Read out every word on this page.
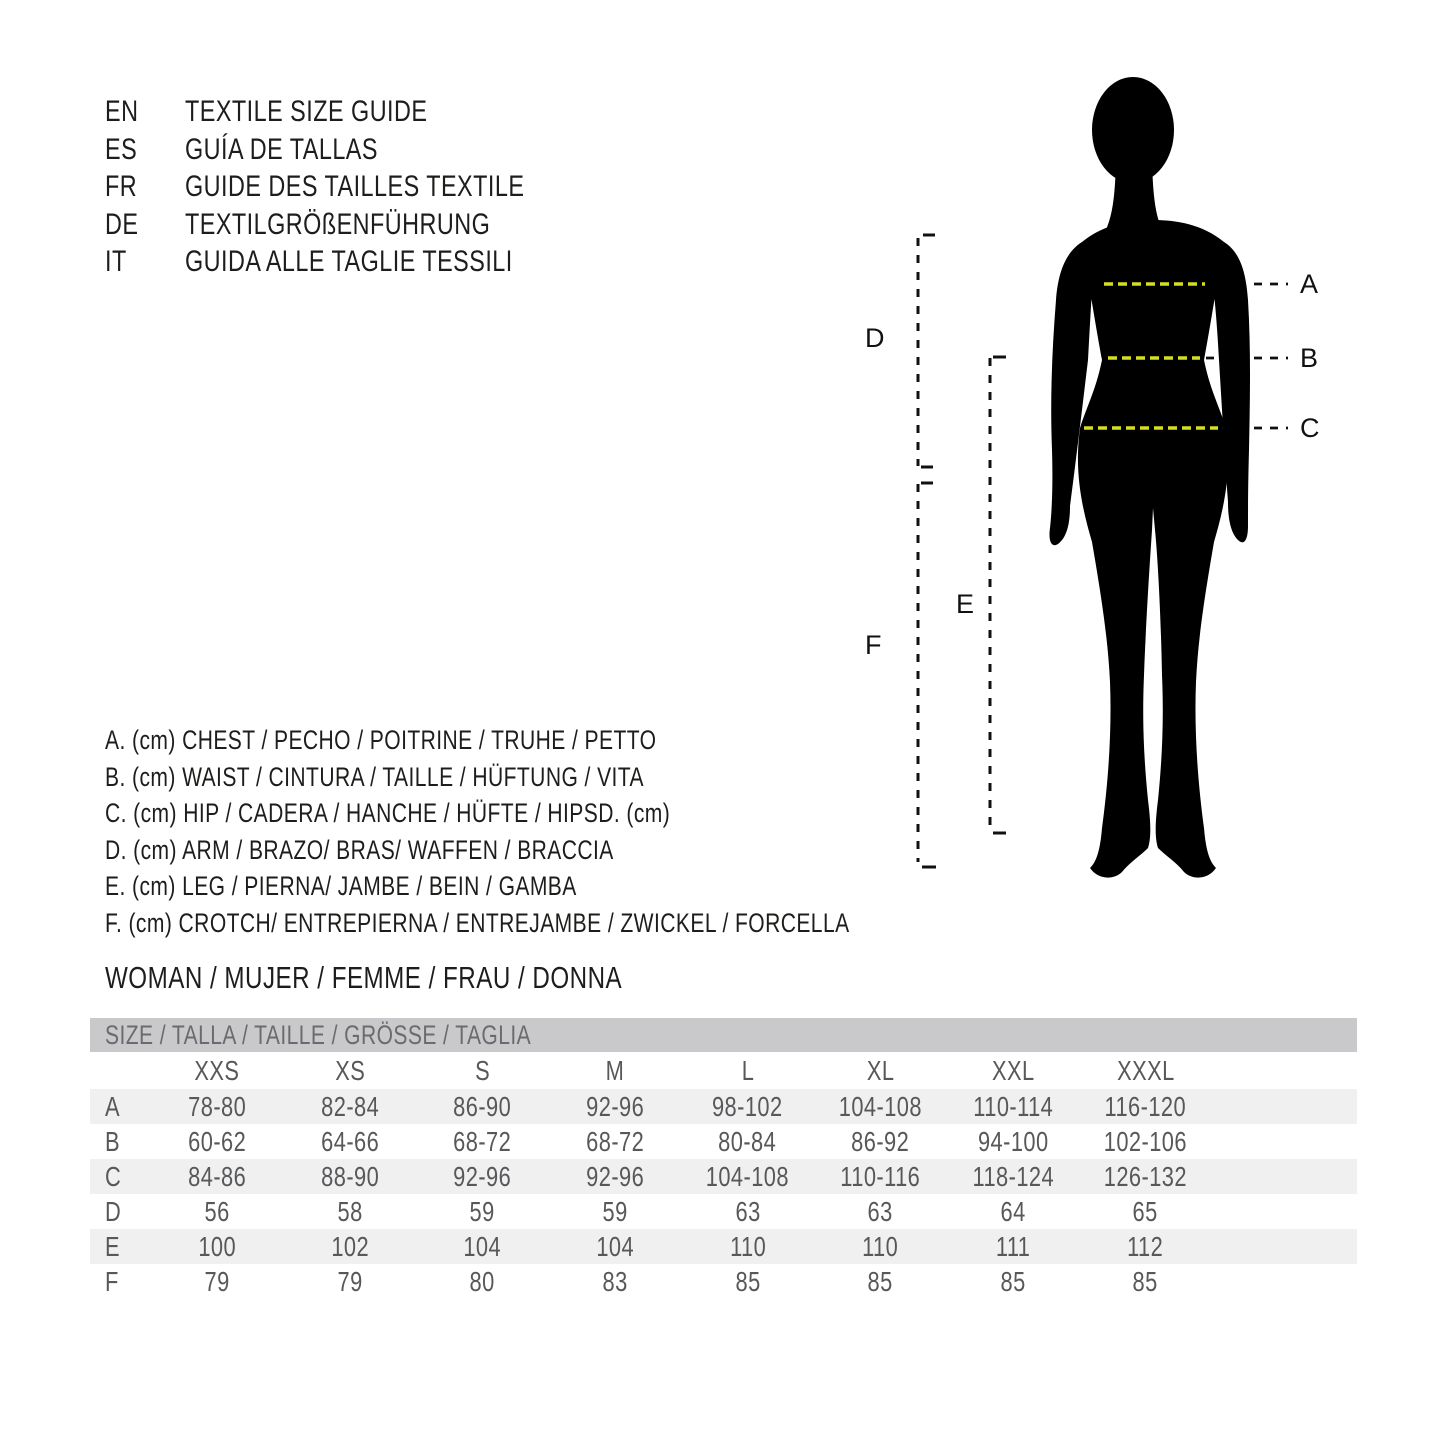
EN TEXTILE SIZE GUIDE
ES GUÍA DE TALLAS
FR GUIDE DES TAILLES TEXTILE
DE TEXTILGRÖßENFÜHRUNG
IT GUIDA ALLE TAGLIE TESSILI
A
B
C
D
E
F
A. (cm) CHEST / PECHO / POITRINE / TRUHE / PETTO
B. (cm) WAIST / CINTURA / TAILLE / HÜFTUNG / VITA
C. (cm) HIP / CADERA / HANCHE / HÜFTE / HIPSD. (cm)
D. (cm) ARM / BRAZO/ BRAS/ WAFFEN / BRACCIA
E. (cm) LEG / PIERNA/ JAMBE / BEIN / GAMBA
F. (cm) CROTCH/ ENTREPIERNA / ENTREJAMBE / ZWICKEL / FORCELLA
WOMAN / MUJER / FEMME / FRAU / DONNA
SIZE / TALLA / TAILLE / GRÖSSE / TAGLIA
XXS	XS	S	M	L	XL	XXL	XXXL
A	78-80	82-84	86-90	92-96	98-102	104-108	110-114	116-120
B	60-62	64-66	68-72	68-72	80-84	86-92	94-100	102-106
C	84-86	88-90	92-96	92-96	104-108	110-116	118-124	126-132
D	56	58	59	59	63	63	64	65
E	100	102	104	104	110	110	111	112
F	79	79	80	83	85	85	85	85
